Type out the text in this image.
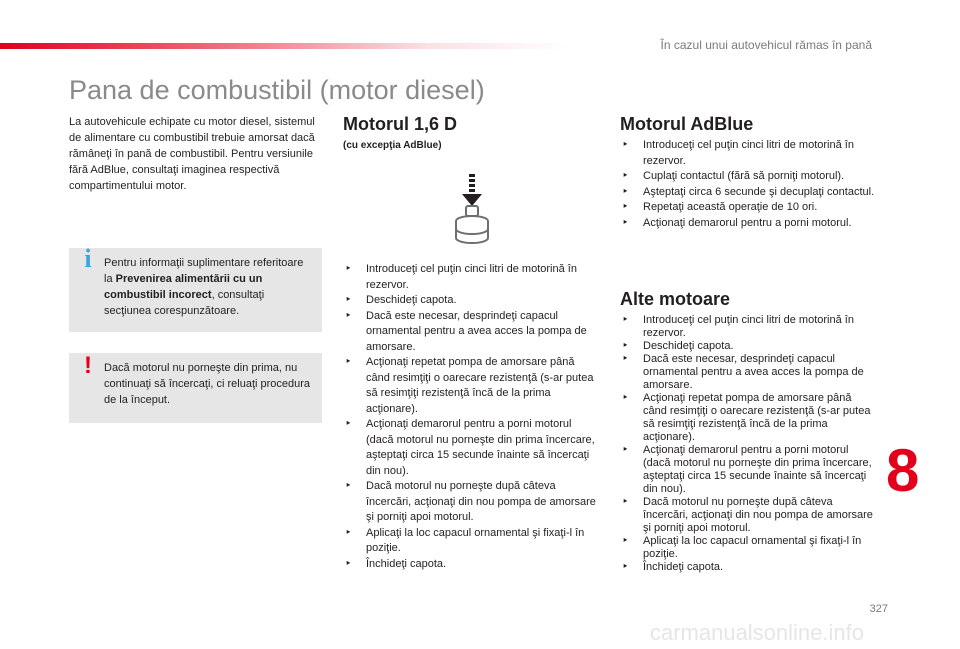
În cazul unui autovehicul rămas în pană
Pana de combustibil (motor diesel)

La autovehicule echipate cu motor diesel, sistemul de alimentare cu combustibil trebuie amorsat dacă rămâneţi în pană de combustibil. Pentru versiunile fără AdBlue, consultaţi imaginea respectivă compartimentului motor.

i	Pentru informaţii suplimentare referitoare la Prevenirea alimentării cu un combustibil incorect, consultaţi secţiunea corespunzătoare.
! Dacă motorul nu porneşte din prima, nu continuaţi să încercaţi, ci reluaţi procedura de la început.
Motorul 1,6 D

(cu excepţia AdBlue)

‣ Introduceţi cel puţin cinci litri de motorină în rezervor.
‣ Deschideţi capota.
‣ Dacă este necesar, desprindeţi capacul ornamental pentru a avea acces la pompa de amorsare.
‣ Acţionaţi repetat pompa de amorsare până când resimţiţi o oarecare rezistenţă (s-ar putea să resimţiţi rezistenţă încă de la prima acţionare).
‣ Acţionaţi demarorul pentru a porni motorul (dacă motorul nu porneşte din prima încercare, aşteptaţi circa 15 secunde înainte să încercaţi din nou).
‣ Dacă motorul nu porneşte după câteva încercări, acţionaţi din nou pompa de amorsare şi porniţi apoi motorul.
‣ Aplicaţi la loc capacul ornamental şi fixaţi-l în poziţie.
‣ Închideţi capota.
Motorul AdBlue
‣ Introduceţi cel puţin cinci litri de motorină în rezervor.
‣ Cuplaţi contactul (fără să porniţi motorul).
‣ Aşteptaţi circa 6 secunde şi decuplaţi contactul.
‣ Repetaţi această operaţie de 10 ori.
‣ Acţionaţi demarorul pentru a porni motorul.
Alte motoare
‣ Introduceţi cel puţin cinci litri de motorină în rezervor.
‣ Deschideţi capota.
‣ Dacă este necesar, desprindeţi capacul ornamental pentru a avea acces la pompa de amorsare.
‣ Acţionaţi repetat pompa de amorsare până când resimţiţi o oarecare rezistenţă (s-ar putea să resimţiţi rezistenţă încă de la prima acţionare).
‣ Acţionaţi demarorul pentru a porni motorul (dacă motorul nu porneşte din prima încercare, aşteptaţi circa 15 secunde înainte să încercaţi din nou).
‣ Dacă motorul nu porneşte după câteva încercări, acţionaţi din nou pompa de amorsare şi porniţi apoi motorul.
‣ Aplicaţi la loc capacul ornamental şi fixaţi-l în poziţie.
‣ Închideţi capota.
8
327
carmanualsonline.info
